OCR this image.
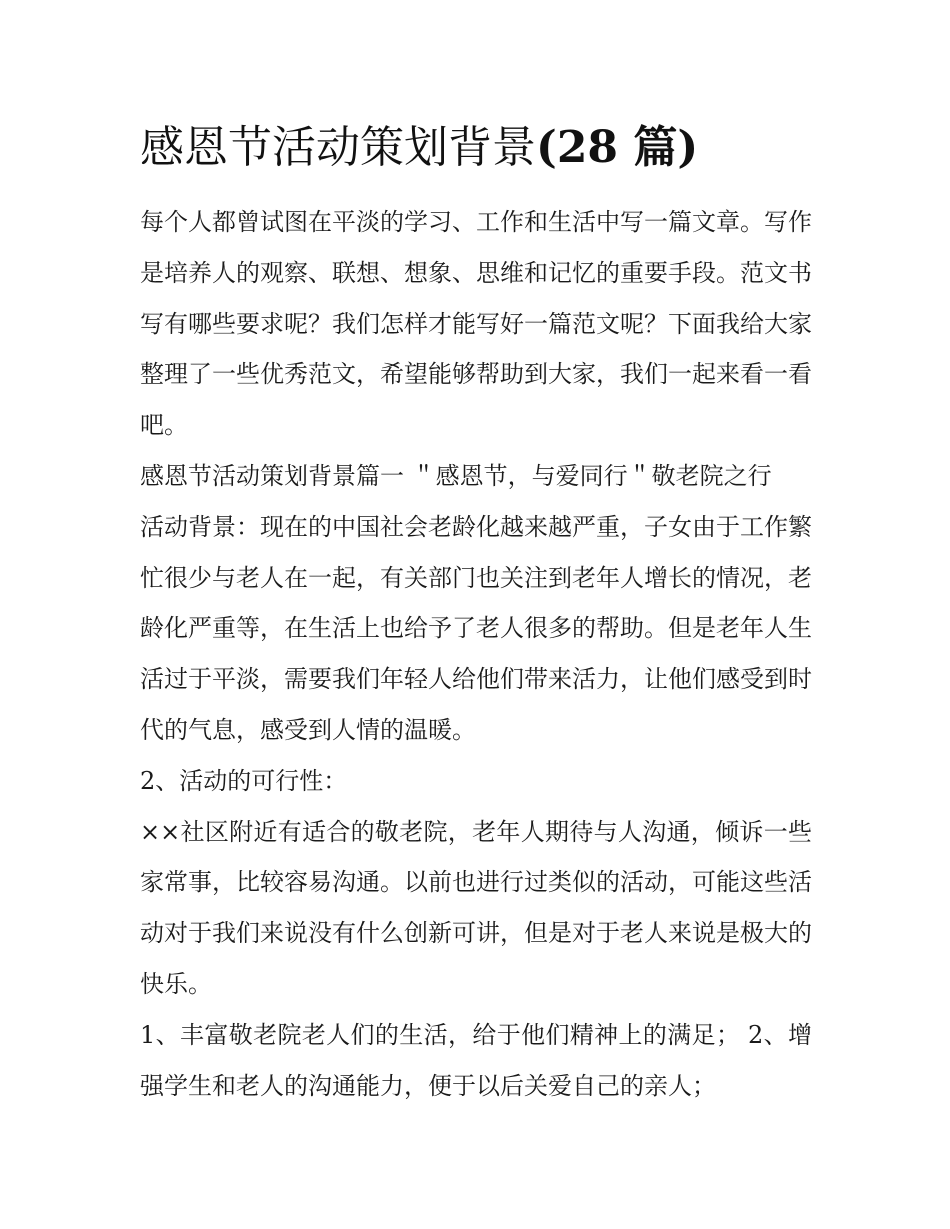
感恩节活动策划背景(28 篇)

每个人都曾试图在平淡的学习、工作和生活中写一篇文章。写作是培养人的观察、联想、想象、思维和记忆的重要手段。范文书写有哪些要求呢？我们怎样才能写好一篇范文呢？下面我给大家整理了一些优秀范文，希望能够帮助到大家，我们一起来看一看吧。

感恩节活动策划背景篇一 ＂感恩节，与爱同行＂敬老院之行

活动背景：现在的中国社会老龄化越来越严重，子女由于工作繁忙很少与老人在一起，有关部门也关注到老年人增长的情况，老龄化严重等，在生活上也给予了老人很多的帮助。但是老年人生活过于平淡，需要我们年轻人给他们带来活力，让他们感受到时代的气息，感受到人情的温暖。

2、活动的可行性：

××社区附近有适合的敬老院，老年人期待与人沟通，倾诉一些家常事，比较容易沟通。以前也进行过类似的活动，可能这些活动对于我们来说没有什么创新可讲，但是对于老人来说是极大的快乐。

1、丰富敬老院老人们的生活，给于他们精神上的满足； 2、增强学生和老人的沟通能力，便于以后关爱自己的亲人；
